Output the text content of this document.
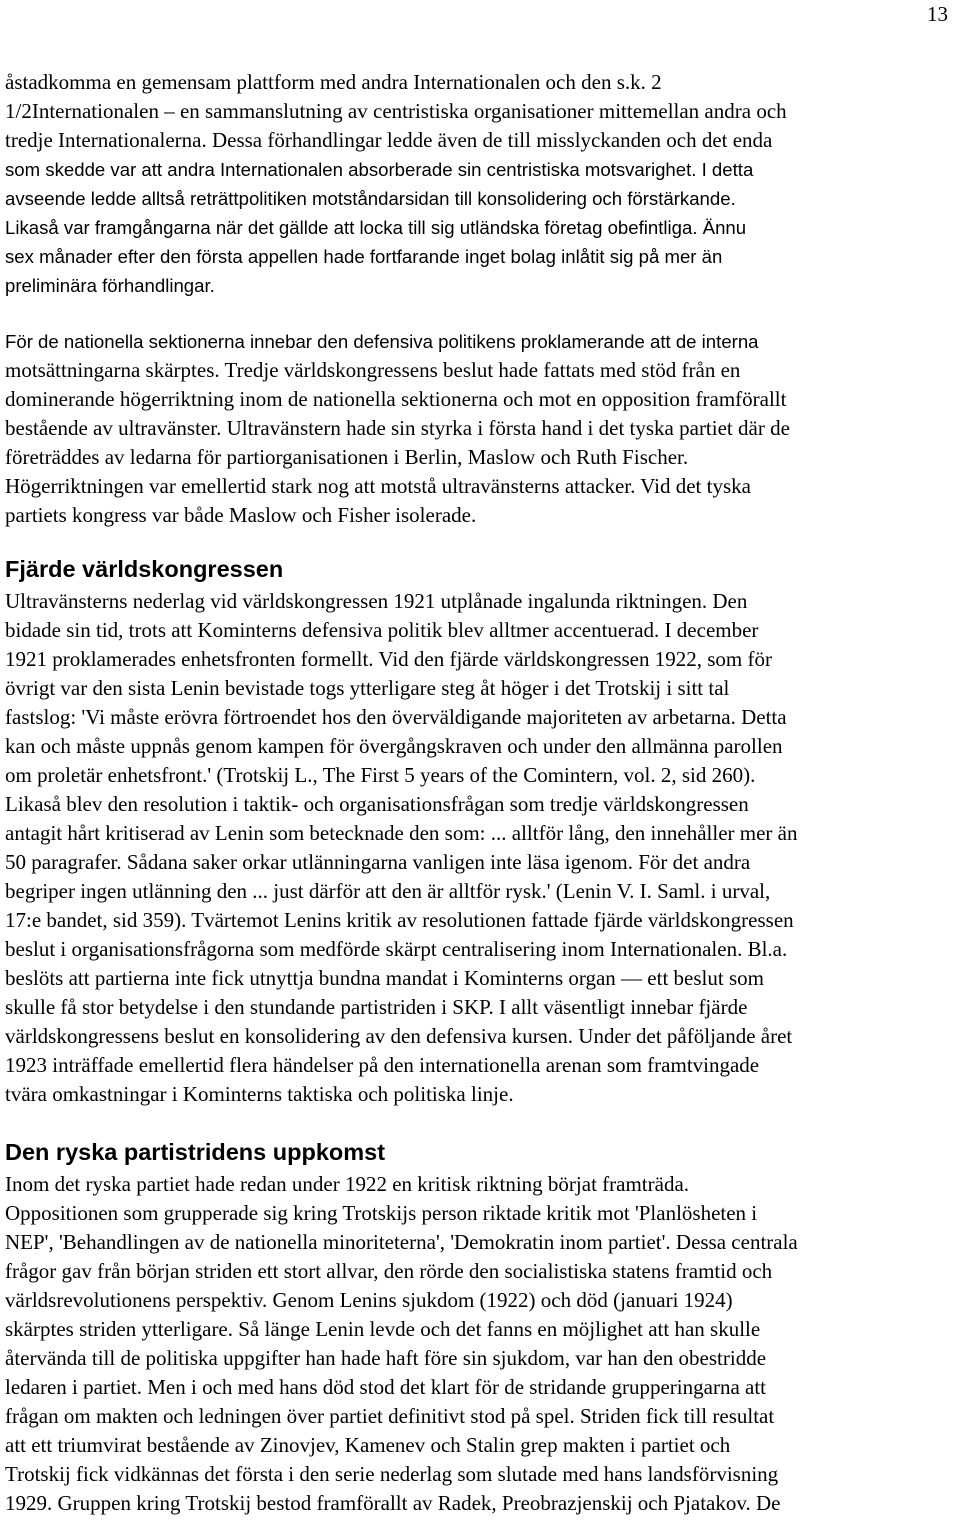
13
åstadkomma en gemensam plattform med andra Internationalen och den s.k. 2
1/2Internationalen – en sammanslutning av centristiska organisationer mittemellan andra och
tredje Internationalerna. Dessa förhandlingar ledde även de till misslyckanden och det enda
som skedde var att andra Internationalen absorberade sin centristiska motsvarighet. I detta
avseende ledde alltså reträttpolitiken motståndarsidan till konsolidering och förstärkande.
Likaså var framgångarna när det gällde att locka till sig utländska företag obefintliga. Ännu
sex månader efter den första appellen hade fortfarande inget bolag inlåtit sig på mer än
preliminära förhandlingar.
För de nationella sektionerna innebar den defensiva politikens proklamerande att de interna
motsättningarna skärptes. Tredje världskongressens beslut hade fattats med stöd från en
dominerande högerriktning inom de nationella sektionerna och mot en opposition framförallt
bestående av ultravänster. Ultravänstern hade sin styrka i första hand i det tyska partiet där de
företräddes av ledarna för partiorganisationen i Berlin, Maslow och Ruth Fischer.
Högerriktningen var emellertid stark nog att motstå ultravänsterns attacker. Vid det tyska
partiets kongress var både Maslow och Fisher isolerade.
Fjärde världskongressen
Ultravänsterns nederlag vid världskongressen 1921 utplånade ingalunda riktningen. Den
bidade sin tid, trots att Kominterns defensiva politik blev alltmer accentuerad. I december
1921 proklamerades enhetsfronten formellt. Vid den fjärde världskongressen 1922, som för
övrigt var den sista Lenin bevistade togs ytterligare steg åt höger i det Trotskij i sitt tal
fastslog: 'Vi måste erövra förtroendet hos den överväldigande majoriteten av arbetarna. Detta
kan och måste uppnås genom kampen för övergångskraven och under den allmänna parollen
om proletär enhetsfront.' (Trotskij L., The First 5 years of the Comintern, vol. 2, sid 260).
Likaså blev den resolution i taktik- och organisationsfrågan som tredje världskongressen
antagit hårt kritiserad av Lenin som betecknade den som: ... alltför lång, den innehåller mer än
50 paragrafer. Sådana saker orkar utlänningarna vanligen inte läsa igenom. För det andra
begriper ingen utlänning den ... just därför att den är alltför rysk.' (Lenin V. I. Saml. i urval,
17:e bandet, sid 359). Tvärtemot Lenins kritik av resolutionen fattade fjärde världskongressen
beslut i organisationsfrågorna som medförde skärpt centralisering inom Internationalen. Bl.a.
beslöts att partierna inte fick utnyttja bundna mandat i Kominterns organ — ett beslut som
skulle få stor betydelse i den stundande partistriden i SKP. I allt väsentligt innebar fjärde
världskongressens beslut en konsolidering av den defensiva kursen. Under det påföljande året
1923 inträffade emellertid flera händelser på den internationella arenan som framtvingade
tvära omkastningar i Kominterns taktiska och politiska linje.
Den ryska partistridens uppkomst
Inom det ryska partiet hade redan under 1922 en kritisk riktning börjat framträda.
Oppositionen som grupperade sig kring Trotskijs person riktade kritik mot 'Planlösheten i
NEP', 'Behandlingen av de nationella minoriteterna', 'Demokratin inom partiet'. Dessa centrala
frågor gav från början striden ett stort allvar, den rörde den socialistiska statens framtid och
världsrevolutionens perspektiv. Genom Lenins sjukdom (1922) och död (januari 1924)
skärptes striden ytterligare. Så länge Lenin levde och det fanns en möjlighet att han skulle
återvända till de politiska uppgifter han hade haft före sin sjukdom, var han den obestridde
ledaren i partiet. Men i och med hans död stod det klart för de stridande grupperingarna att
frågan om makten och ledningen över partiet definitivt stod på spel. Striden fick till resultat
att ett triumvirat bestående av Zinovjev, Kamenev och Stalin grep makten i partiet och
Trotskij fick vidkännas det första i den serie nederlag som slutade med hans landsförvisning
1929. Gruppen kring Trotskij bestod framförallt av Radek, Preobrazjenskij och Pjatakov. De
